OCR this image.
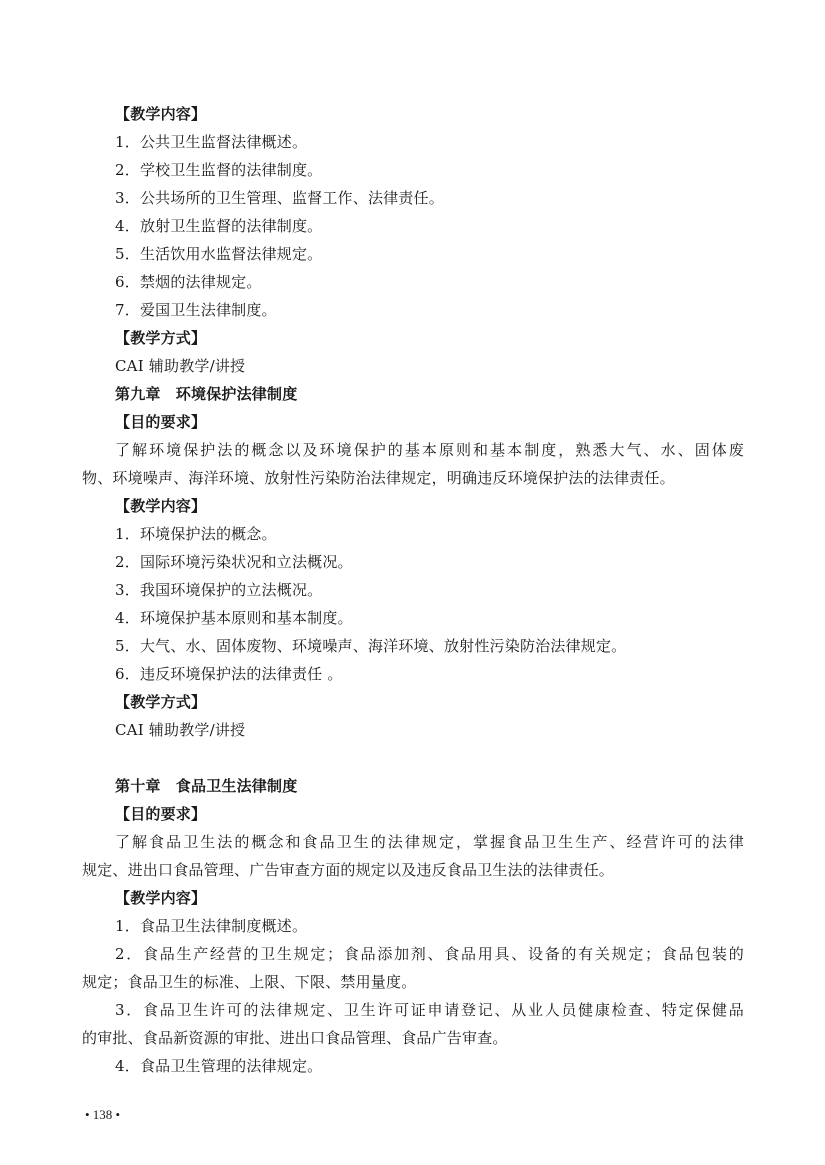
【教学内容】
1．公共卫生监督法律概述。
2．学校卫生监督的法律制度。
3．公共场所的卫生管理、监督工作、法律责任。
4．放射卫生监督的法律制度。
5．生活饮用水监督法律规定。
6．禁烟的法律规定。
7．爱国卫生法律制度。
【教学方式】
CAI 辅助教学/讲授
第九章　环境保护法律制度
【目的要求】
了解环境保护法的概念以及环境保护的基本原则和基本制度，熟悉大气、水、固体废
物、环境噪声、海洋环境、放射性污染防治法律规定，明确违反环境保护法的法律责任。
【教学内容】
1．环境保护法的概念。
2．国际环境污染状况和立法概况。
3．我国环境保护的立法概况。
4．环境保护基本原则和基本制度。
5．大气、水、固体废物、环境噪声、海洋环境、放射性污染防治法律规定。
6．违反环境保护法的法律责任 。
【教学方式】
CAI 辅助教学/讲授
第十章　食品卫生法律制度
【目的要求】
了解食品卫生法的概念和食品卫生的法律规定，掌握食品卫生生产、经营许可的法律
规定、进出口食品管理、广告审查方面的规定以及违反食品卫生法的法律责任。
【教学内容】
1．食品卫生法律制度概述。
2．食品生产经营的卫生规定；食品添加剂、食品用具、设备的有关规定；食品包装的
规定；食品卫生的标准、上限、下限、禁用量度。
3．食品卫生许可的法律规定、卫生许可证申请登记、从业人员健康检查、特定保健品
的审批、食品新资源的审批、进出口食品管理、食品广告审查。
4．食品卫生管理的法律规定。
• 138 •
